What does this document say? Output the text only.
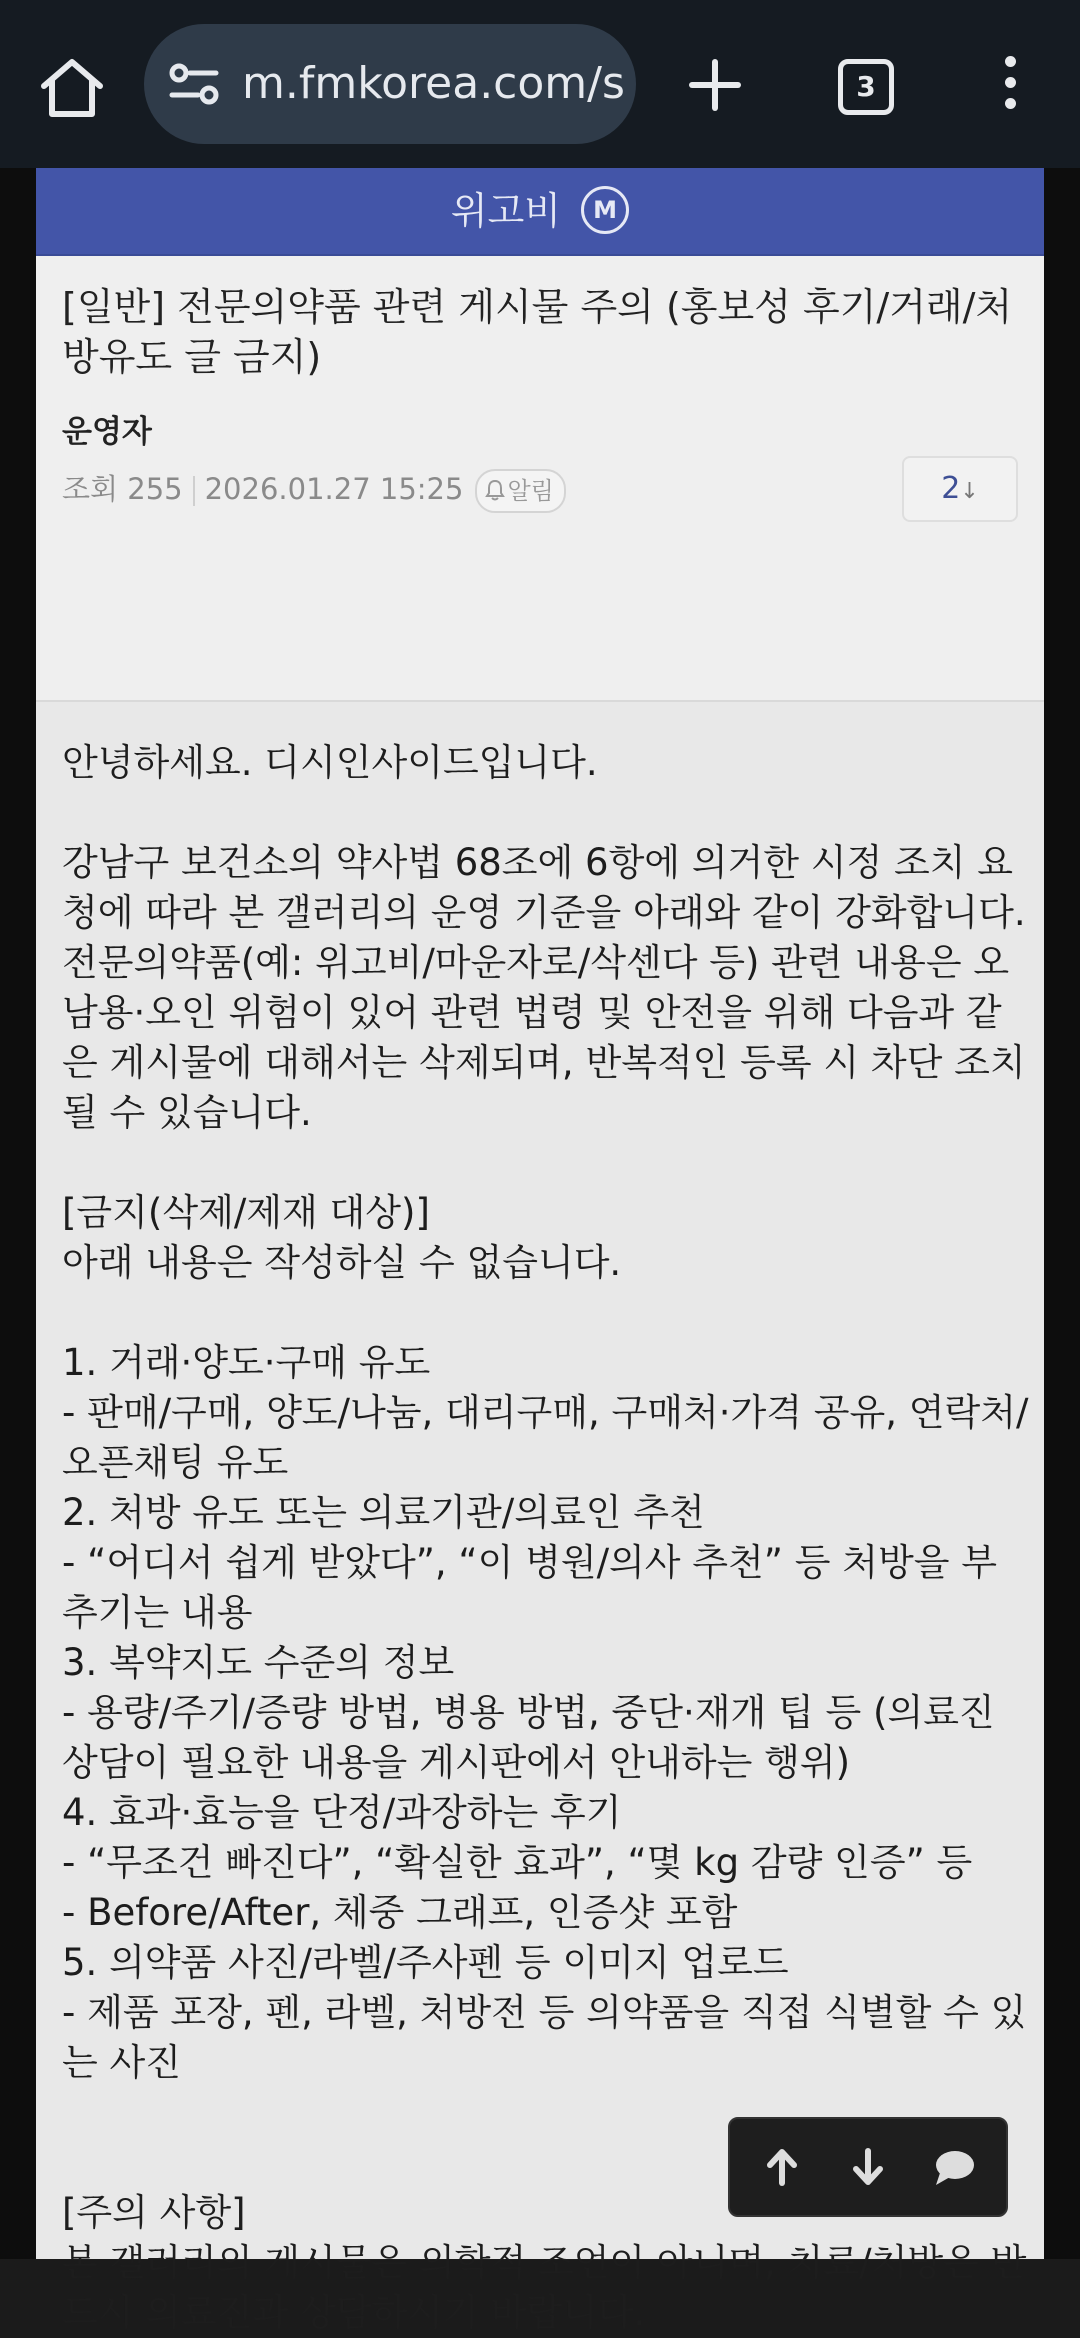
m.fmkorea.com/s	3
위고비 M
[일반] 전문의약품 관련 게시물 주의 (홍보성 후기/거래/처방유도 글 금지)
운영자
조회 255 2026.01.27 15:25 알림	2↓

안녕하세요. 디시인사이드입니다.

강남구 보건소의 약사법 68조에 6항에 의거한 시정 조치 요청에 따라 본 갤러리의 운영 기준을 아래와 같이 강화합니다.

전문의약품(예: 위고비/마운자로/삭센다 등) 관련 내용은 오남용·오인 위험이 있어 관련 법령 및 안전을 위해 다음과 같은 게시물에 대해서는 삭제되며, 반복적인 등록 시 차단 조치될 수 있습니다.

[금지(삭제/제재 대상)]

아래 내용은 작성하실 수 없습니다.

1. 거래·양도·구매 유도

- 판매/구매, 양도/나눔, 대리구매, 구매처·가격 공유, 연락처/오픈채팅 유도

2. 처방 유도 또는 의료기관/의료인 추천

- “어디서 쉽게 받았다”, “이 병원/의사 추천” 등 처방을 부추기는 내용

3. 복약지도 수준의 정보

- 용량/주기/증량 방법, 병용 방법, 중단·재개 팁 등 (의료진 상담이 필요한 내용을 게시판에서 안내하는 행위)

4. 효과·효능을 단정/과장하는 후기

- “무조건 빠진다”, “확실한 효과”, “몇 kg 감량 인증” 등

- Before/After, 체중 그래프, 인증샷 포함

5. 의약품 사진/라벨/주사펜 등 이미지 업로드

- 제품 포장, 펜, 라벨, 처방전 등 의약품을 직접 식별할 수 있는 사진

[주의 사항]

본 갤러리의 게시물은 의학적 조언이 아니며, 치료/처방은 반드시 의료진과 상담하시기 바랍니다.
